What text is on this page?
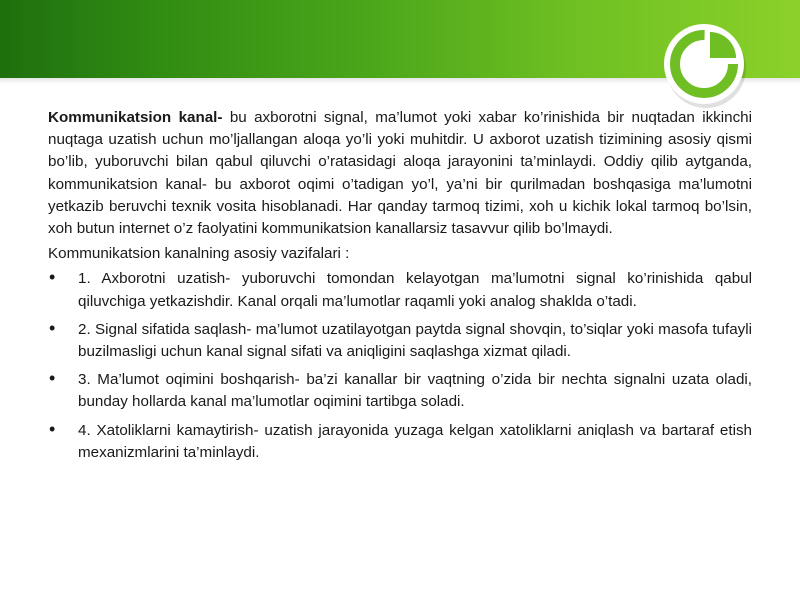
Kommunikatsion kanal- bu axborotni signal, ma’lumot yoki xabar ko’rinishida bir nuqtadan ikkinchi nuqtaga uzatish uchun mo’ljallangan aloqa yo’li yoki muhitdir. U axborot uzatish tizimining asosiy qismi bo’lib, yuboruvchi bilan qabul qiluvchi o’ratasidagi aloqa jarayonini ta’minlaydi. Oddiy qilib aytganda, kommunikatsion kanal- bu axborot oqimi o’tadigan yo’l, ya’ni bir qurilmadan boshqasiga ma’lumotni yetkazib beruvchi texnik vosita hisoblanadi. Har qanday tarmoq tizimi, xoh u kichik lokal tarmoq bo’lsin, xoh butun internet o’z faolyatini kommunikatsion kanallarsiz tasavvur qilib bo’lmaydi.

Kommunikatsion kanalning asosiy vazifalari :

• 1. Axborotni uzatish- yuboruvchi tomondan kelayotgan ma’lumotni signal ko’rinishida qabul qiluvchiga yetkazishdir. Kanal orqali ma’lumotlar raqamli yoki analog shaklda o’tadi.
• 2. Signal sifatida saqlash- ma’lumot uzatilayotgan paytda signal shovqin, to’siqlar yoki masofa tufayli buzilmasligi uchun kanal signal sifati va aniqligini saqlashga xizmat qiladi.
• 3. Ma’lumot oqimini boshqarish- ba’zi kanallar bir vaqtning o’zida bir nechta signalni uzata oladi, bunday hollarda kanal ma’lumotlar oqimini tartibga soladi.
• 4. Xatoliklarni kamaytirish- uzatish jarayonida yuzaga kelgan xatoliklarni aniqlash va bartaraf etish mexanizmlarini ta’minlaydi.
